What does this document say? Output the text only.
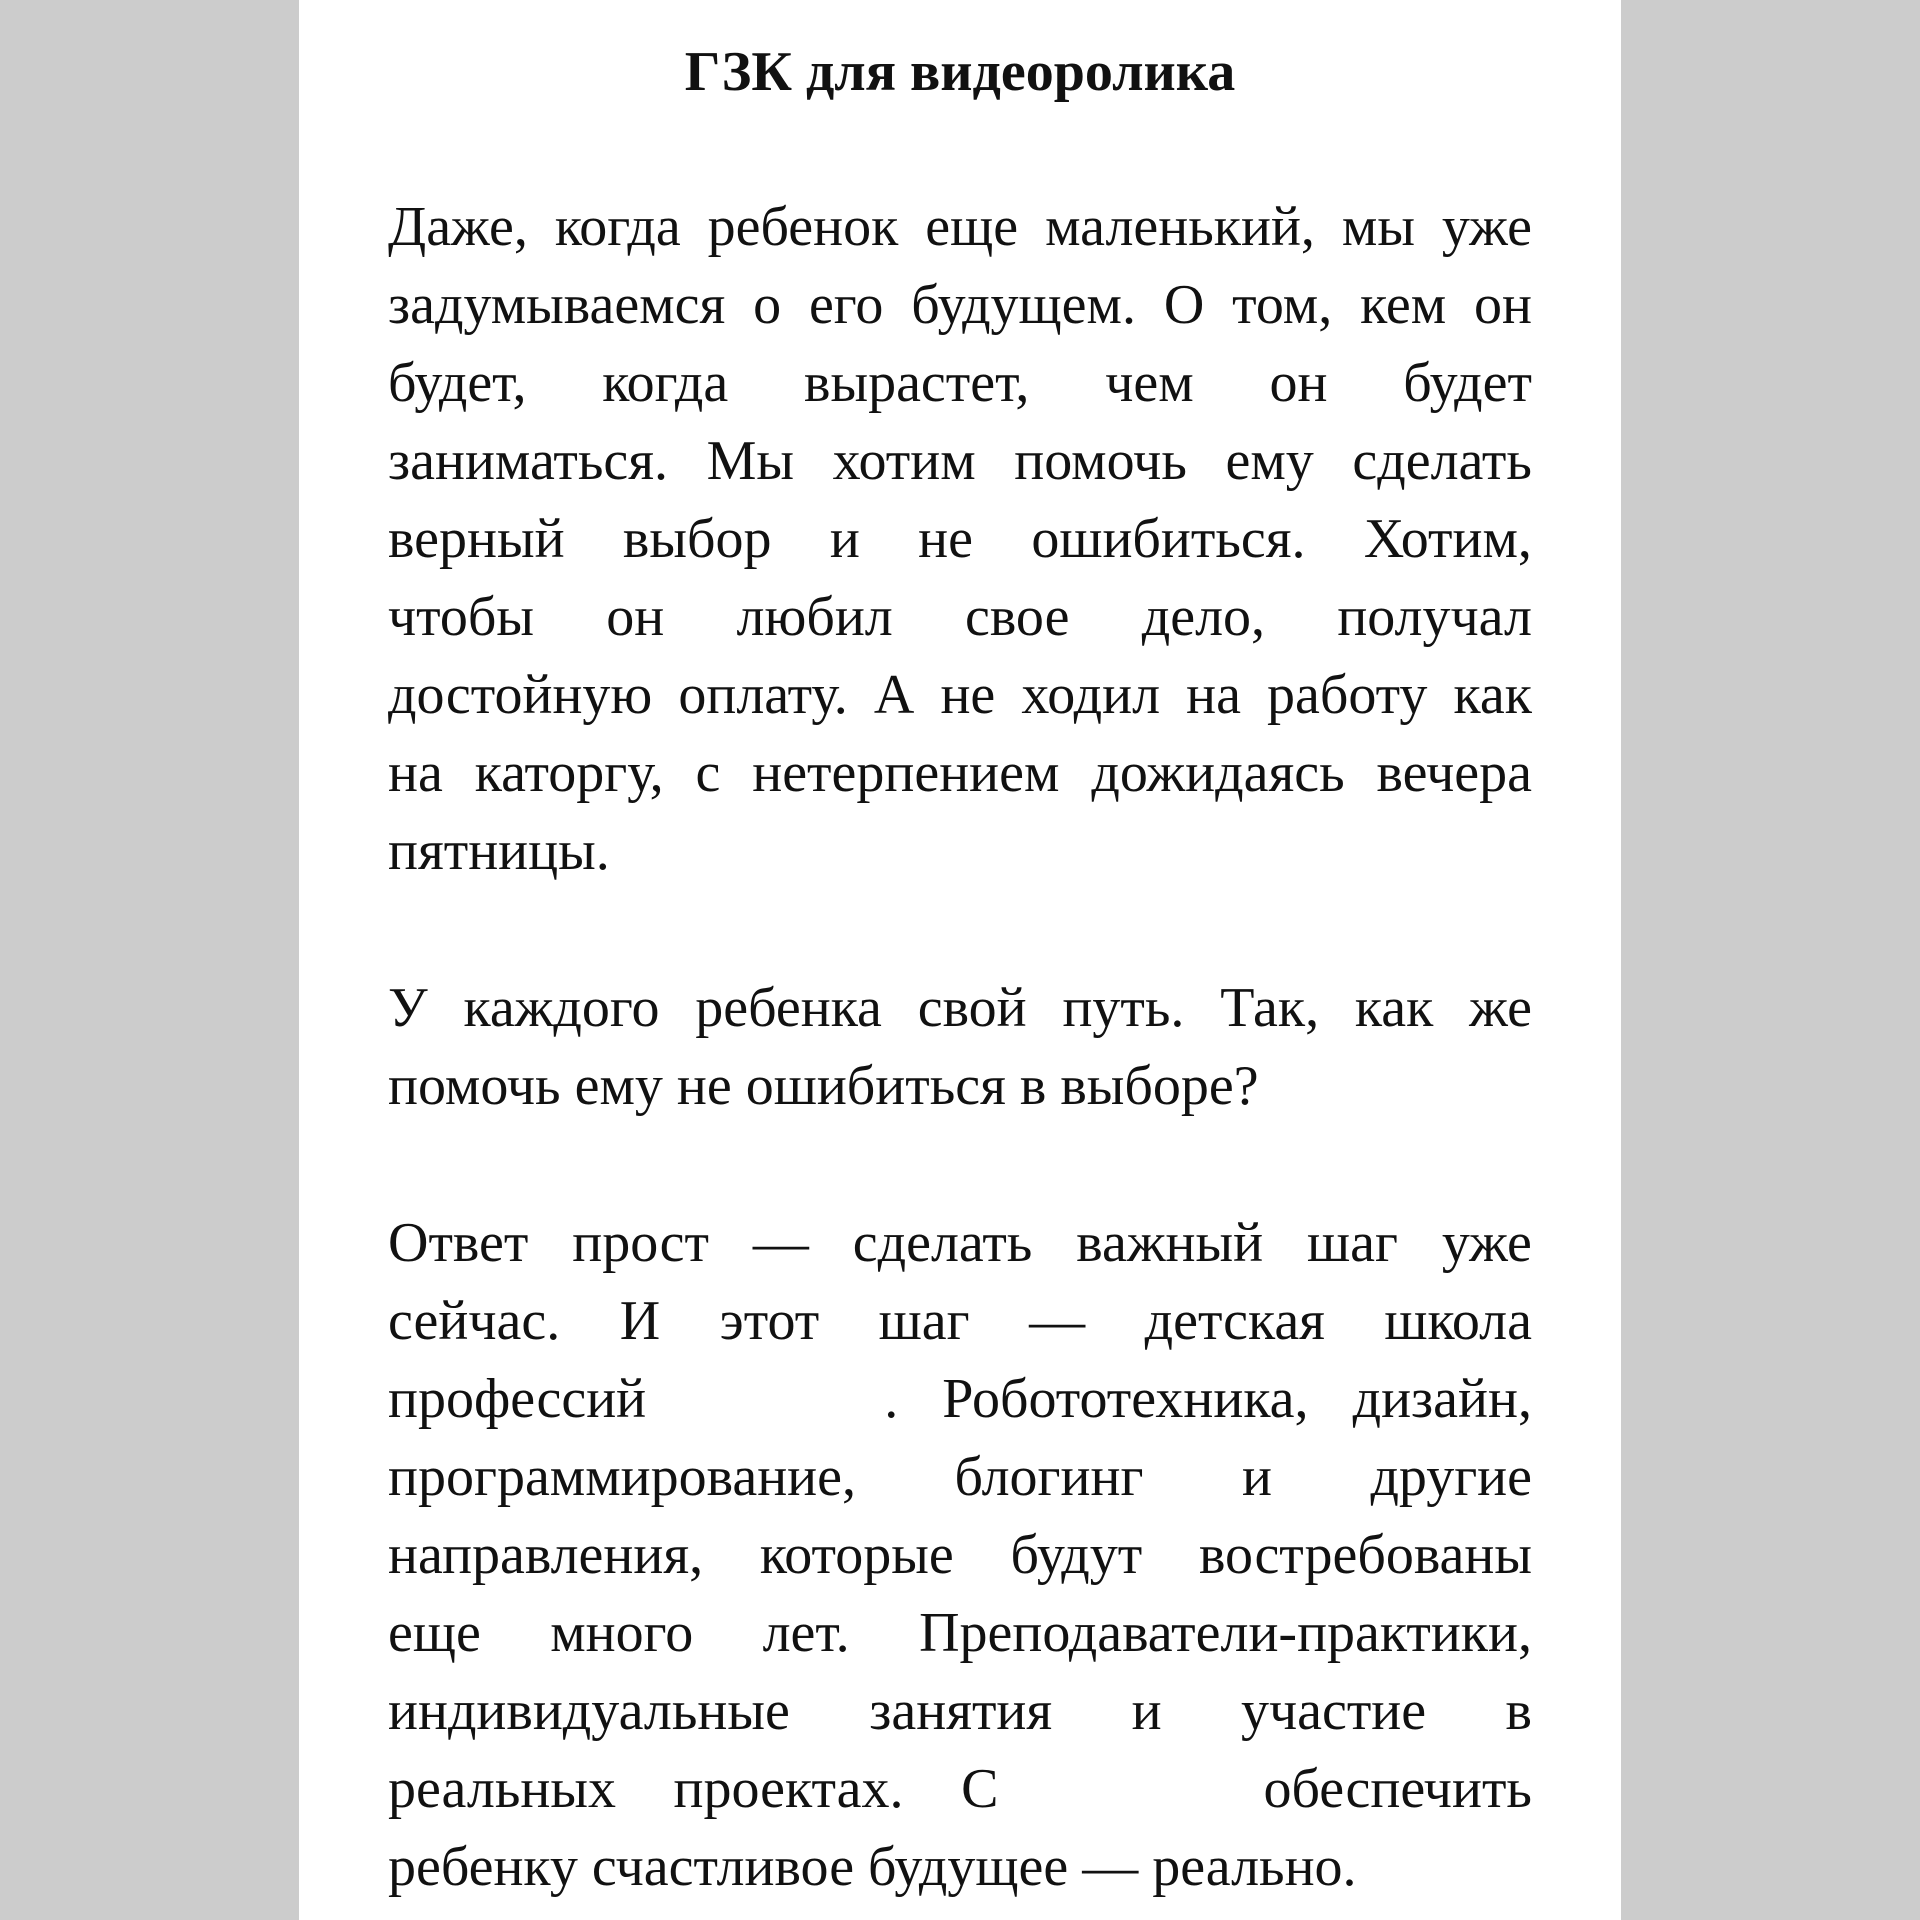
ГЗК для видеоролика
Даже, когда ребенок еще маленький, мы уже
задумываемся о его будущем. О том, кем он
будет, когда вырастет, чем он будет
заниматься. Мы хотим помочь ему сделать
верный выбор и не ошибиться. Хотим,
чтобы он любил свое дело, получал
достойную оплату. А не ходил на работу как
на каторгу, с нетерпением дожидаясь вечера
пятницы.
У каждого ребенка свой путь. Так, как же
помочь ему не ошибиться в выборе?
Ответ прост — сделать важный шаг уже
сейчас. И этот шаг — детская школа
профессий	. Робототехника, дизайн,
программирование, блогинг и другие
направления, которые будут востребованы
еще много лет. Преподаватели-практики,
индивидуальные занятия и участие в
реальных проектах. С	обеспечить
ребенку счастливое будущее — реально.
